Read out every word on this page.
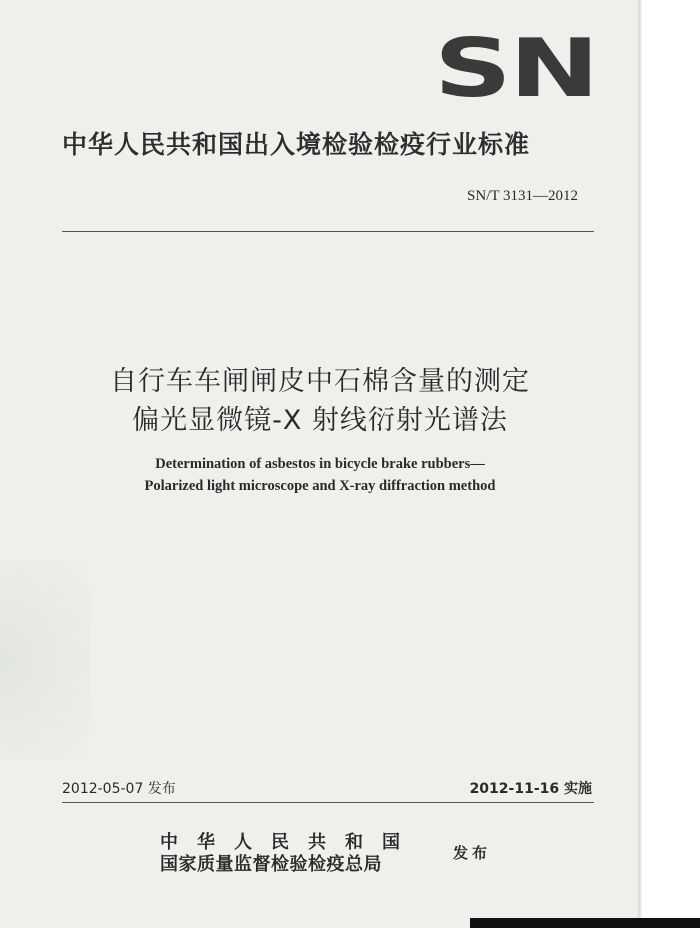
SN
中华人民共和国出入境检验检疫行业标准
SN/T 3131—2012
自行车车闸闸皮中石棉含量的测定
偏光显微镜-X 射线衍射光谱法
Determination of asbestos in bicycle brake rubbers—
Polarized light microscope and X-ray diffraction method
2012-05-07 发布	2012-11-16 实施
中华人民共和国
国家质量监督检验检疫总局
发布
